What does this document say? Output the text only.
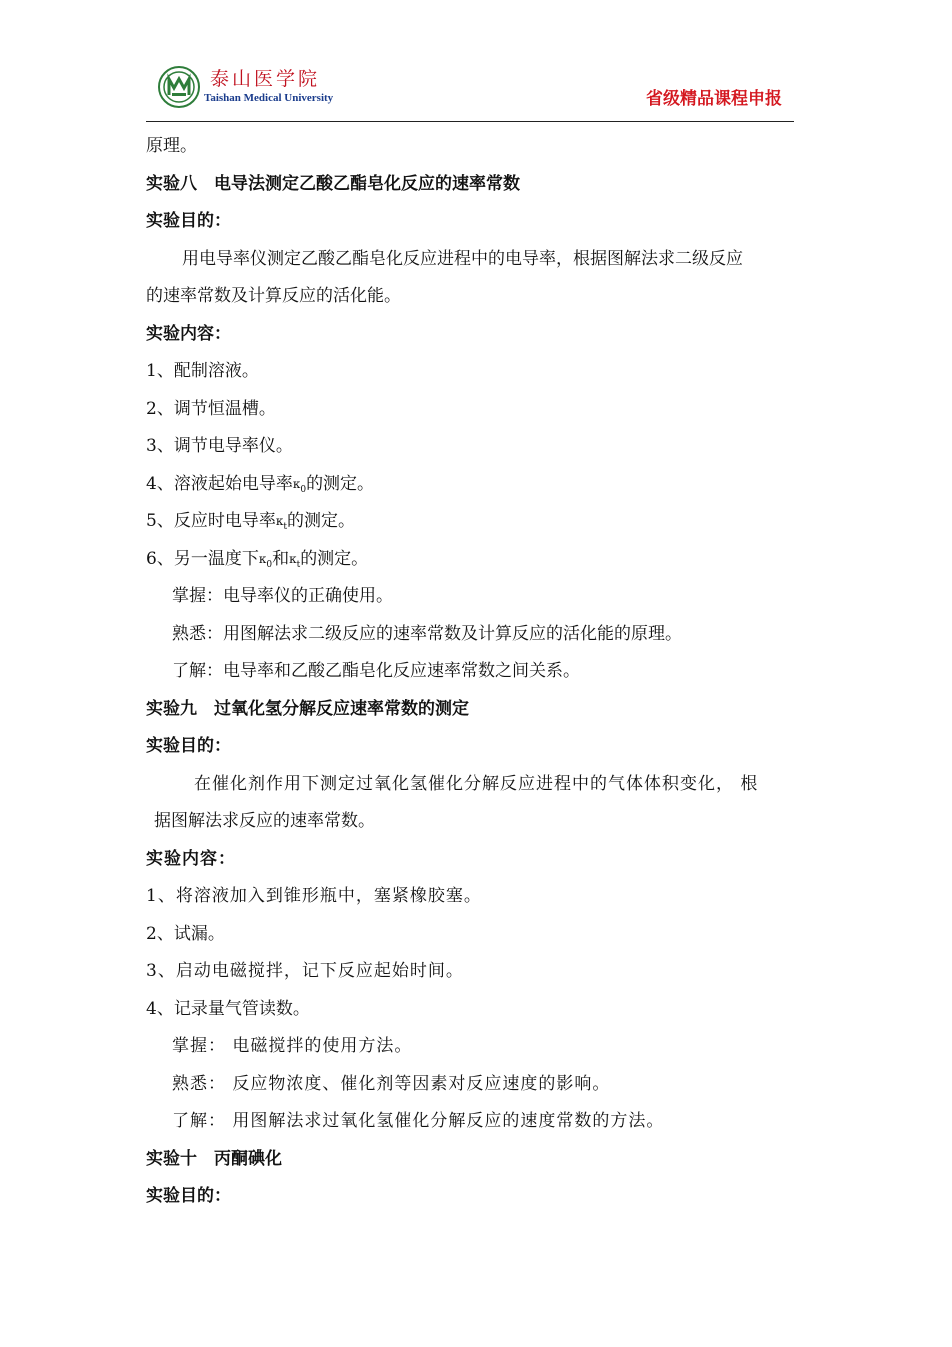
泰山医学院
Taishan Medical University	省级精品课程申报
原理。
实验八　电导法测定乙酸乙酯皂化反应的速率常数
实验目的：
用电导率仪测定乙酸乙酯皂化反应进程中的电导率，根据图解法求二级反应
的速率常数及计算反应的活化能。
实验内容：
1、配制溶液。
2、调节恒温槽。
3、调节电导率仪。
4、溶液起始电导率κ0的测定。
5、反应时电导率κt的测定。
6、另一温度下κ0和κt的测定。
掌握：电导率仪的正确使用。
熟悉：用图解法求二级反应的速率常数及计算反应的活化能的原理。
了解：电导率和乙酸乙酯皂化反应速率常数之间关系。
实验九　过氧化氢分解反应速率常数的测定
实验目的：
在催化剂作用下测定过氧化氢催化分解反应进程中的气体体积变化， 根
据图解法求反应的速率常数。
实验内容：
1、将溶液加入到锥形瓶中，塞紧橡胶塞。
2、试漏。
3、启动电磁搅拌，记下反应起始时间。
4、记录量气管读数。
掌握： 电磁搅拌的使用方法。
熟悉： 反应物浓度、催化剂等因素对反应速度的影响。
了解： 用图解法求过氧化氢催化分解反应的速度常数的方法。
实验十　丙酮碘化
实验目的：
